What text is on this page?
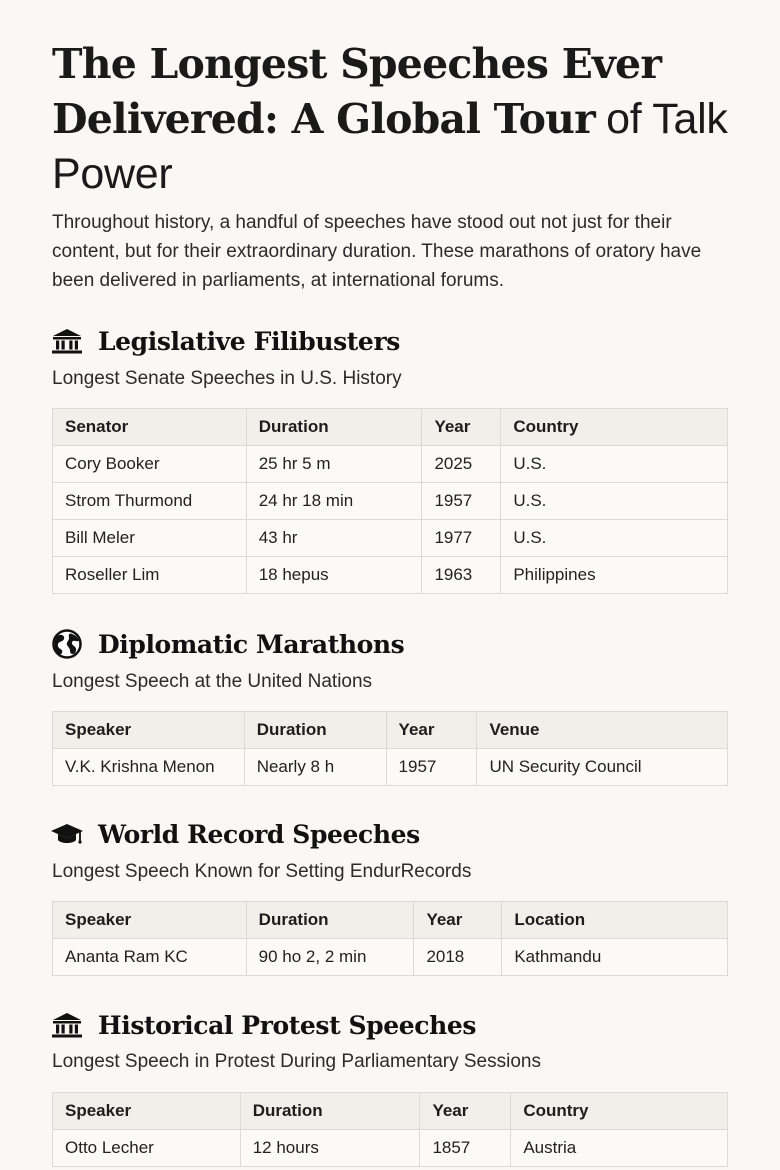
The Longest Speeches Ever Delivered: A Global Tour of Talk
Power

Throughout history, a handful of speeches have stood out not just for their content, but for their extraordinary duration. These marathons of oratory have been delivered in parliaments, at international forums.

Legislative Filibusters
Longest Senate Speeches in U.S. History
Senator	Duration	Year	Country
Cory Booker	25 hr 5 m	2025	U.S.
Strom Thurmond	24 hr 18 min	1957	U.S.
Bill Meler	43 hr	1977	U.S.
Roseller Lim	18 hepus	1963	Philippines
Diplomatic Marathons
Longest Speech at the United Nations
Speaker	Duration	Year	Venue
V.K. Krishna Menon	Nearly 8 h	1957	UN Security Council
World Record Speeches
Longest Speech Known for Setting EndurRecords
Speaker	Duration	Year	Location
Ananta Ram KC	90 ho 2, 2 min	2018	Kathmandu
Historical Protest Speeches
Longest Speech in Protest During Parliamentary Sessions
Speaker	Duration	Year	Country
Otto Lecher	12 hours	1857	Austria
